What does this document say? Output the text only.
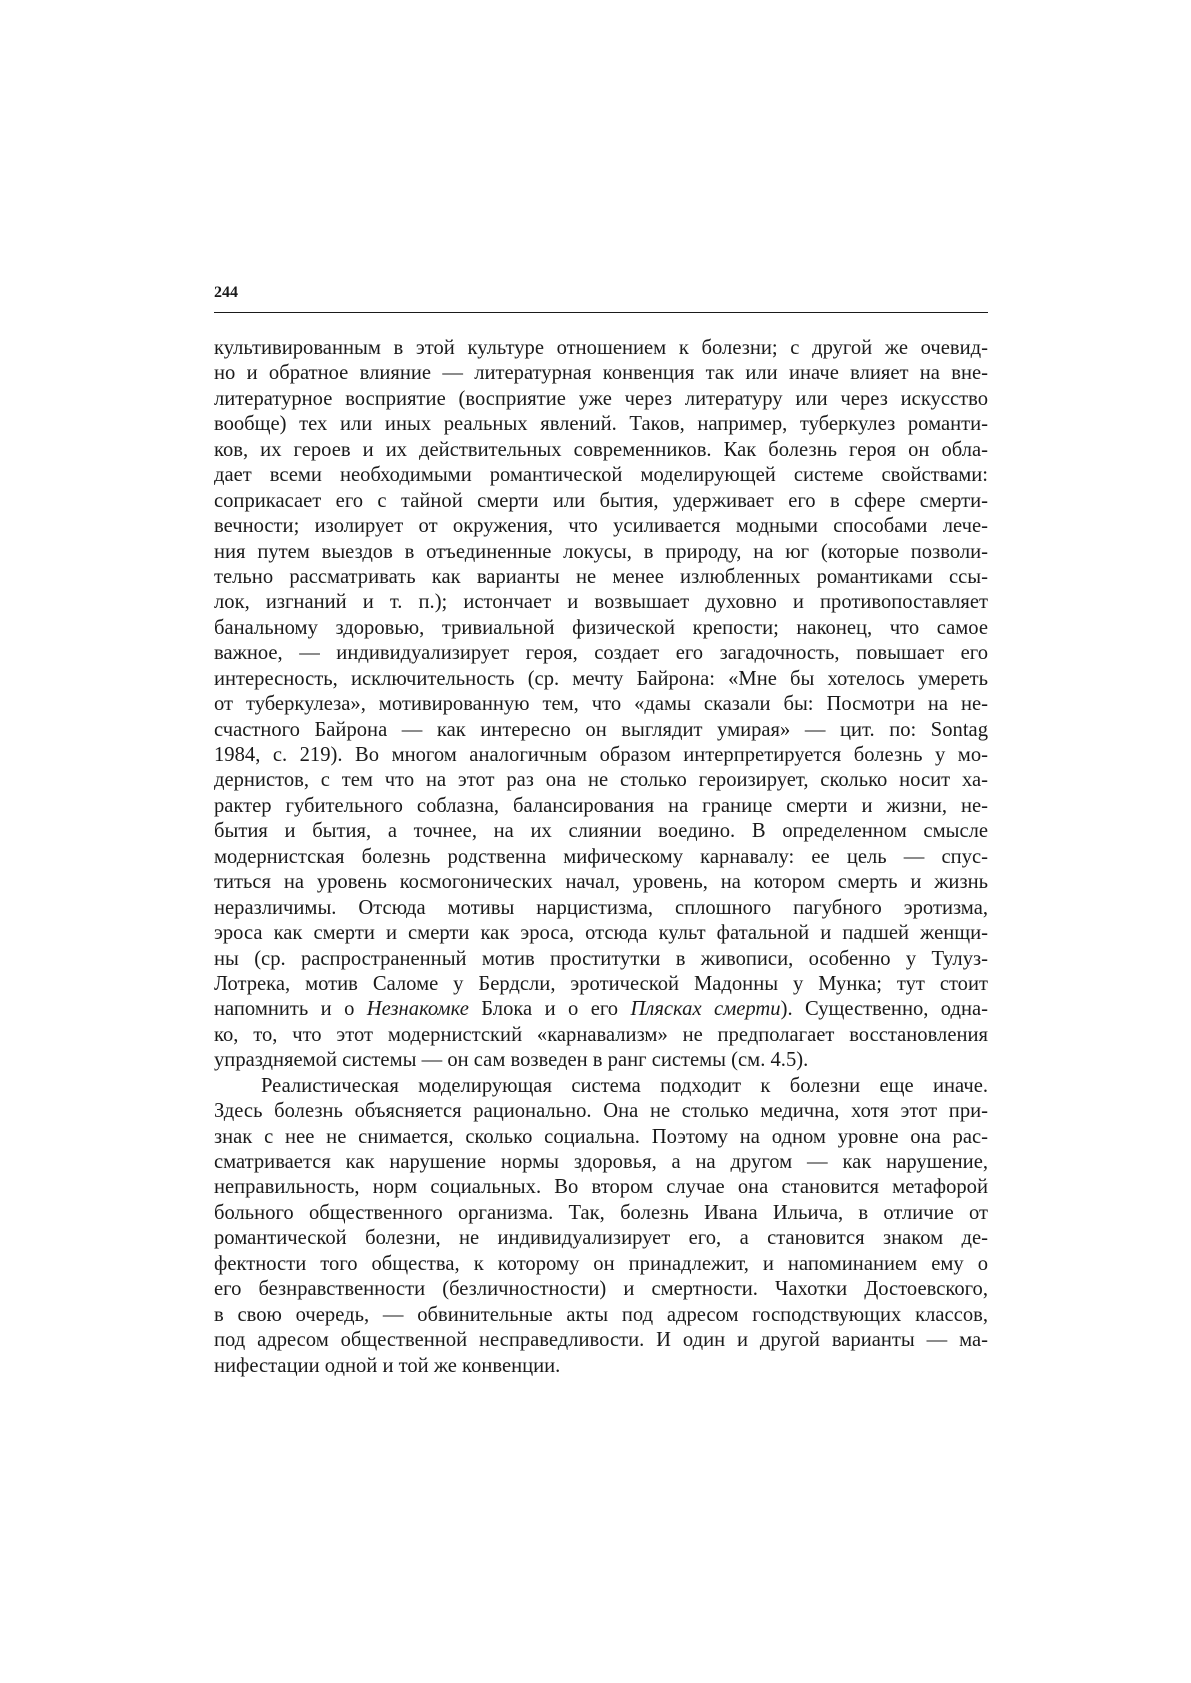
244
культивированным в этой культуре отношением к болезни; с другой же очевид-
но и обратное влияние — литературная конвенция так или иначе влияет на вне-
литературное восприятие (восприятие уже через литературу или через искусство
вообще) тех или иных реальных явлений. Таков, например, туберкулез романти-
ков, их героев и их действительных современников. Как болезнь героя он обла-
дает всеми необходимыми романтической моделирующей системе свойствами:
соприкасает его с тайной смерти или бытия, удерживает его в сфере смерти-
вечности; изолирует от окружения, что усиливается модными способами лече-
ния путем выездов в отъединенные локусы, в природу, на юг (которые позволи-
тельно рассматривать как варианты не менее излюбленных романтиками ссы-
лок, изгнаний и т. п.); истончает и возвышает духовно и противопоставляет
банальному здоровью, тривиальной физической крепости; наконец, что самое
важное, — индивидуализирует героя, создает его загадочность, повышает его
интересность, исключительность (ср. мечту Байрона: «Мне бы хотелось умереть
от туберкулеза», мотивированную тем, что «дамы сказали бы: Посмотри на не-
счастного Байрона — как интересно он выглядит умирая» — цит. по: Sontag
1984, с. 219). Во многом аналогичным образом интерпретируется болезнь у мо-
дернистов, с тем что на этот раз она не столько героизирует, сколько носит ха-
рактер губительного соблазна, балансирования на границе смерти и жизни, не-
бытия и бытия, а точнее, на их слиянии воедино. В определенном смысле
модернистская болезнь родственна мифическому карнавалу: ее цель — спус-
титься на уровень космогонических начал, уровень, на котором смерть и жизнь
неразличимы. Отсюда мотивы нарцистизма, сплошного пагубного эротизма,
эроса как смерти и смерти как эроса, отсюда культ фатальной и падшей женщи-
ны (ср. распространенный мотив проститутки в живописи, особенно у Тулуз-
Лотрека, мотив Саломе у Бердсли, эротической Мадонны у Мунка; тут стоит
напомнить и о Незнакомке Блока и о его Плясках смерти). Существенно, одна-
ко, то, что этот модернистский «карнавализм» не предполагает восстановления
упраздняемой системы — он сам возведен в ранг системы (см. 4.5).
Реалистическая моделирующая система подходит к болезни еще иначе.
Здесь болезнь объясняется рационально. Она не столько медична, хотя этот при-
знак с нее не снимается, сколько социальна. Поэтому на одном уровне она рас-
сматривается как нарушение нормы здоровья, а на другом — как нарушение,
неправильность, норм социальных. Во втором случае она становится метафорой
больного общественного организма. Так, болезнь Ивана Ильича, в отличие от
романтической болезни, не индивидуализирует его, а становится знаком де-
фектности того общества, к которому он принадлежит, и напоминанием ему о
его безнравственности (безличностности) и смертности. Чахотки Достоевского,
в свою очередь, — обвинительные акты под адресом господствующих классов,
под адресом общественной несправедливости. И один и другой варианты — ма-
нифестации одной и той же конвенции.
